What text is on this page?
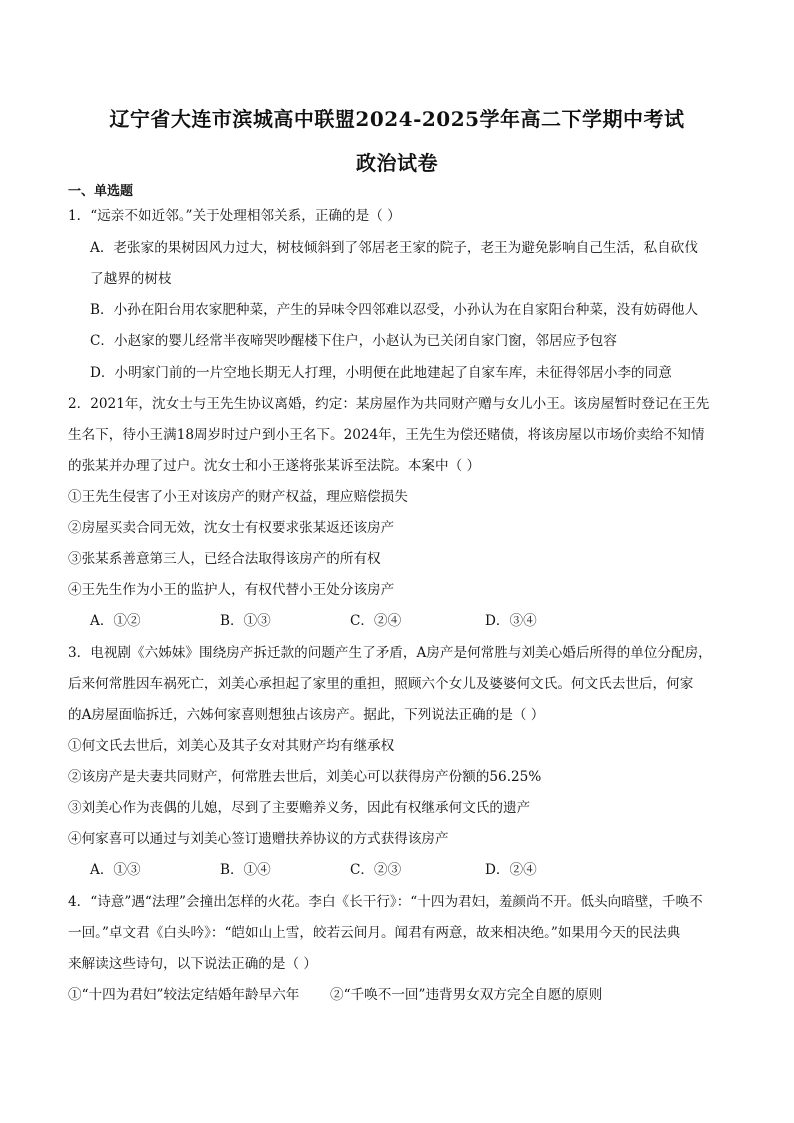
辽宁省大连市滨城高中联盟2024-2025学年高二下学期中考试
政治试卷
一、单选题
1．“远亲不如近邻。”关于处理相邻关系，正确的是（ ）
A．老张家的果树因风力过大，树枝倾斜到了邻居老王家的院子，老王为避免影响自己生活，私自砍伐
了越界的树枝
B．小孙在阳台用农家肥种菜，产生的异味令四邻难以忍受，小孙认为在自家阳台种菜，没有妨碍他人
C．小赵家的婴儿经常半夜啼哭吵醒楼下住户，小赵认为已关闭自家门窗，邻居应予包容
D．小明家门前的一片空地长期无人打理，小明便在此地建起了自家车库，未征得邻居小李的同意
2．2021年，沈女士与王先生协议离婚，约定：某房屋作为共同财产赠与女儿小王。该房屋暂时登记在王先
生名下，待小王满18周岁时过户到小王名下。2024年，王先生为偿还赌债，将该房屋以市场价卖给不知情
的张某并办理了过户。沈女士和小王遂将张某诉至法院。本案中（ ）
①王先生侵害了小王对该房产的财产权益，理应赔偿损失
②房屋买卖合同无效，沈女士有权要求张某返还该房产
③张某系善意第三人，已经合法取得该房产的所有权
④王先生作为小王的监护人，有权代替小王处分该房产
A．①②	B．①③	C．②④	D．③④
3．电视剧《六姊妹》围绕房产拆迁款的问题产生了矛盾，A房产是何常胜与刘美心婚后所得的单位分配房，
后来何常胜因车祸死亡，刘美心承担起了家里的重担，照顾六个女儿及婆婆何文氏。何文氏去世后，何家
的A房屋面临拆迁，六姊何家喜则想独占该房产。据此，下列说法正确的是（ ）
①何文氏去世后，刘美心及其子女对其财产均有继承权
②该房产是夫妻共同财产，何常胜去世后，刘美心可以获得房产份额的56.25%
③刘美心作为丧偶的儿媳，尽到了主要赡养义务，因此有权继承何文氏的遗产
④何家喜可以通过与刘美心签订遗赠扶养协议的方式获得该房产
A．①③	B．①④	C．②③	D．②④
4．“诗意”遇“法理”会撞出怎样的火花。李白《长干行》：“十四为君妇，羞颜尚不开。低头向暗壁，千唤不
一回。”卓文君《白头吟》：“皑如山上雪，皎若云间月。闻君有两意，故来相决绝。”如果用今天的民法典
来解读这些诗句，以下说法正确的是（ ）
①“十四为君妇”较法定结婚年龄早六年 ②“千唤不一回”违背男女双方完全自愿的原则
